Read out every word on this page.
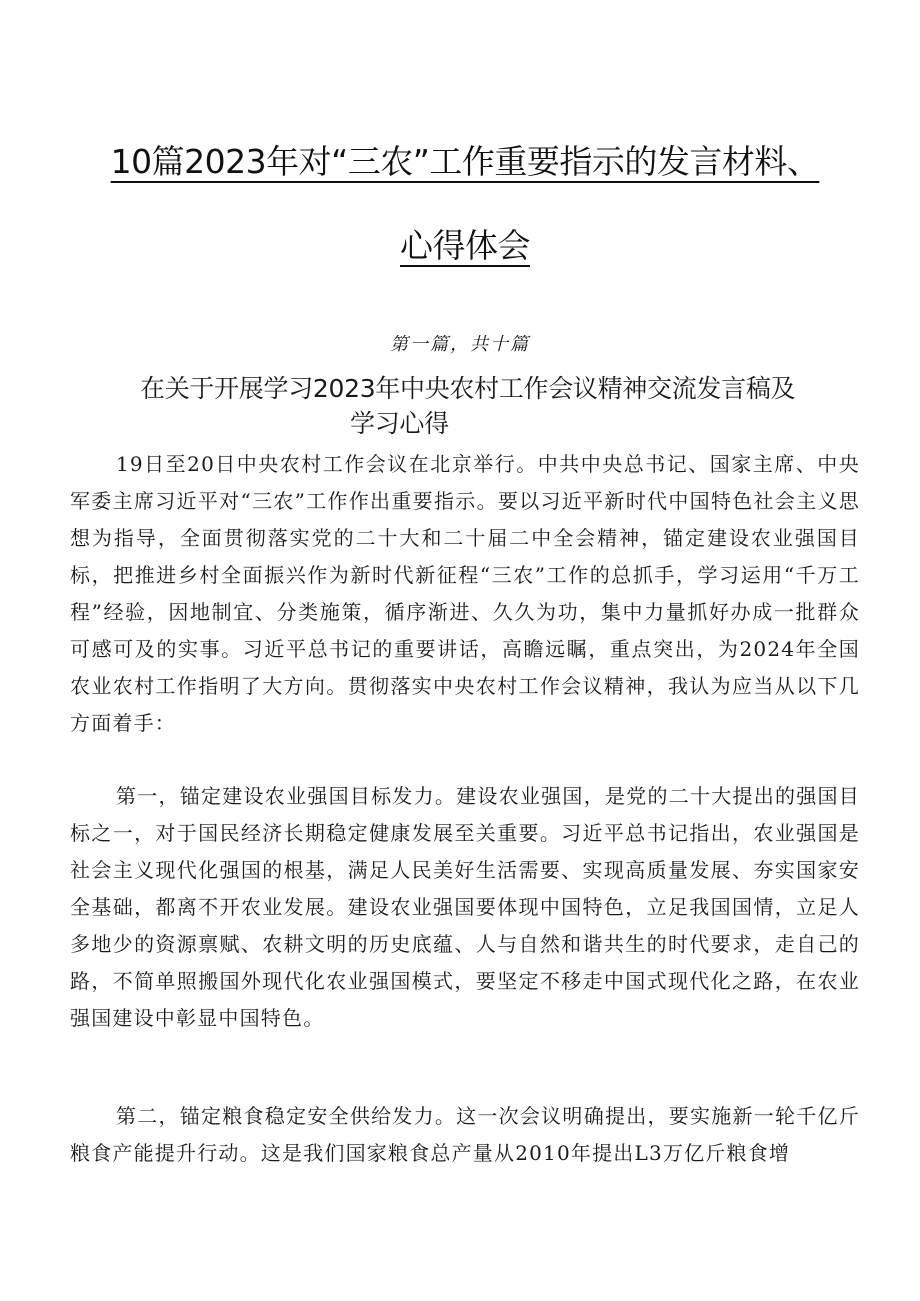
10篇2023年对“三农”工作重要指示的发言材料、
心得体会
第一篇，共十篇
在关于开展学习2023年中央农村工作会议精神交流发言稿及
学习心得

19日至20日中央农村工作会议在北京举行。中共中央总书记、国家主席、中央军委主席习近平对“三农”工作作出重要指示。要以习近平新时代中国特色社会主义思想为指导，全面贯彻落实党的二十大和二十届二中全会精神，锚定建设农业强国目标，把推进乡村全面振兴作为新时代新征程“三农”工作的总抓手，学习运用“千万工程”经验，因地制宜、分类施策，循序渐进、久久为功，集中力量抓好办成一批群众可感可及的实事。习近平总书记的重要讲话，高瞻远瞩，重点突出，为2024年全国农业农村工作指明了大方向。贯彻落实中央农村工作会议精神，我认为应当从以下几方面着手：

第一，锚定建设农业强国目标发力。建设农业强国，是党的二十大提出的强国目标之一，对于国民经济长期稳定健康发展至关重要。习近平总书记指出，农业强国是社会主义现代化强国的根基，满足人民美好生活需要、实现高质量发展、夯实国家安全基础，都离不开农业发展。建设农业强国要体现中国特色，立足我国国情，立足人多地少的资源禀赋、农耕文明的历史底蕴、人与自然和谐共生的时代要求，走自己的路，不简单照搬国外现代化农业强国模式，要坚定不移走中国式现代化之路，在农业强国建设中彰显中国特色。

第二，锚定粮食稳定安全供给发力。这一次会议明确提出，要实施新一轮千亿斤粮食产能提升行动。这是我们国家粮食总产量从2010年提出L3万亿斤粮食增
